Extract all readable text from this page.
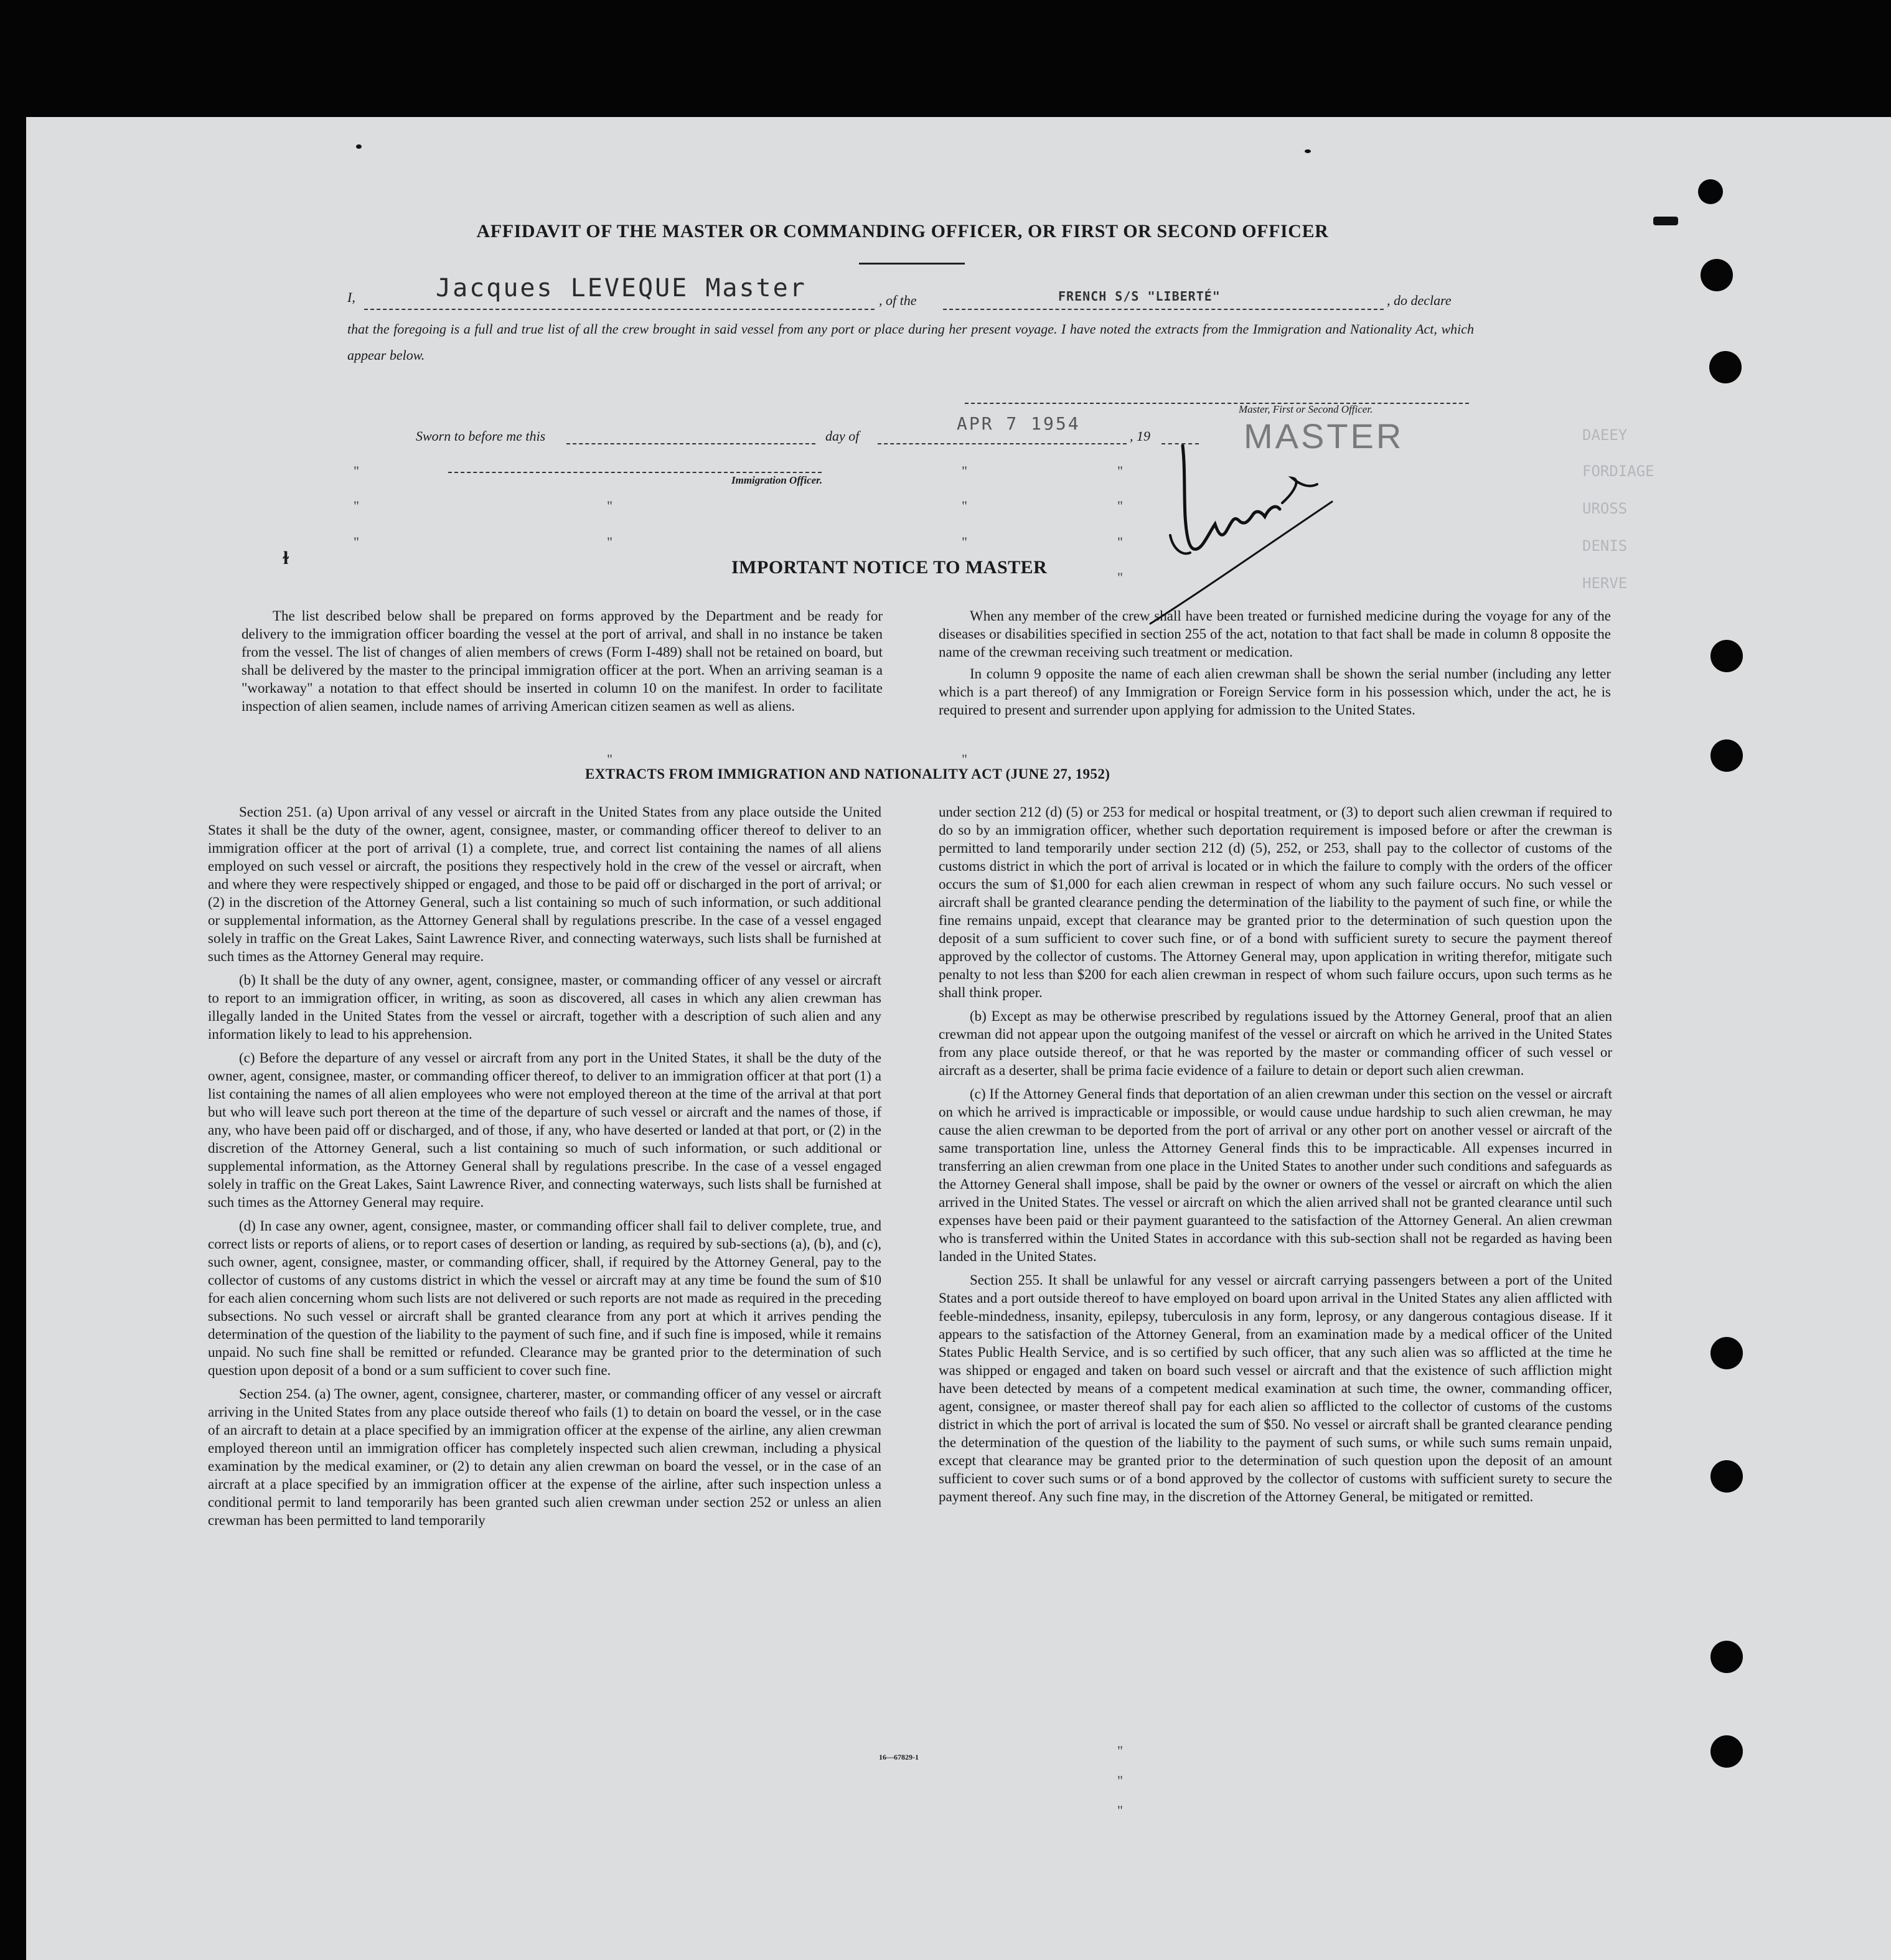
DAEEY
FORDIAGE
UROSS
DENIS
HERVE
AFFIDAVIT OF THE MASTER OR COMMANDING OFFICER, OR FIRST OR SECOND OFFICER
I,	Jacques LEVEQUE Master	, of the	FRENCH S/S "LIBERTÉ"	, do declare
that the foregoing is a full and true list of all the crew brought in said vessel from any port or place during her present voyage. I have noted the extracts from the Immigration and Nationality Act, which appear below.
Master, First or Second Officer.
MASTER
Sworn to before me this	day of
APR 7 1954
, 19
Immigration Officer.
"	"	"
"	"	"	"
"	"	"	"
"
"	"
"
"
"
ɫ	IMPORTANT NOTICE TO MASTER

The list described below shall be prepared on forms approved by the Department and be ready for delivery to the immigration officer boarding the vessel at the port of arrival, and shall in no instance be taken from the vessel. The list of changes of alien members of crews (Form I-489) shall not be retained on board, but shall be delivered by the master to the principal immigration officer at the port. When an arriving seaman is a "workaway" a notation to that effect should be inserted in column 10 on the manifest. In order to facilitate inspection of alien seamen, include names of arriving American citizen seamen as well as aliens.

When any member of the crew shall have been treated or furnished medicine during the voyage for any of the diseases or disabilities specified in section 255 of the act, notation to that fact shall be made in column 8 opposite the name of the crewman receiving such treatment or medication.

In column 9 opposite the name of each alien crewman shall be shown the serial number (including any letter which is a part thereof) of any Immigration or Foreign Service form in his possession which, under the act, he is required to present and surrender upon applying for admission to the United States.

EXTRACTS FROM IMMIGRATION AND NATIONALITY ACT (JUNE 27, 1952)

Section 251. (a) Upon arrival of any vessel or aircraft in the United States from any place outside the United States it shall be the duty of the owner, agent, consignee, master, or commanding officer thereof to deliver to an immigration officer at the port of arrival (1) a complete, true, and correct list containing the names of all aliens employed on such vessel or aircraft, the positions they respectively hold in the crew of the vessel or aircraft, when and where they were respectively shipped or engaged, and those to be paid off or discharged in the port of arrival; or (2) in the discretion of the Attorney General, such a list containing so much of such information, or such additional or supplemental information, as the Attorney General shall by regulations prescribe. In the case of a vessel engaged solely in traffic on the Great Lakes, Saint Lawrence River, and connecting waterways, such lists shall be furnished at such times as the Attorney General may require.

(b) It shall be the duty of any owner, agent, consignee, master, or commanding officer of any vessel or aircraft to report to an immigration officer, in writing, as soon as discovered, all cases in which any alien crewman has illegally landed in the United States from the vessel or aircraft, together with a description of such alien and any information likely to lead to his apprehension.

(c) Before the departure of any vessel or aircraft from any port in the United States, it shall be the duty of the owner, agent, consignee, master, or commanding officer thereof, to deliver to an immigration officer at that port (1) a list containing the names of all alien employees who were not employed thereon at the time of the arrival at that port but who will leave such port thereon at the time of the departure of such vessel or aircraft and the names of those, if any, who have been paid off or discharged, and of those, if any, who have deserted or landed at that port, or (2) in the discretion of the Attorney General, such a list containing so much of such information, or such additional or supplemental information, as the Attorney General shall by regulations prescribe. In the case of a vessel engaged solely in traffic on the Great Lakes, Saint Lawrence River, and connecting waterways, such lists shall be furnished at such times as the Attorney General may require.

(d) In case any owner, agent, consignee, master, or commanding officer shall fail to deliver complete, true, and correct lists or reports of aliens, or to report cases of desertion or landing, as required by sub-sections (a), (b), and (c), such owner, agent, consignee, master, or commanding officer, shall, if required by the Attorney General, pay to the collector of customs of any customs district in which the vessel or aircraft may at any time be found the sum of $10 for each alien concerning whom such lists are not delivered or such reports are not made as required in the preceding subsections. No such vessel or aircraft shall be granted clearance from any port at which it arrives pending the determination of the question of the liability to the payment of such fine, and if such fine is imposed, while it remains unpaid. No such fine shall be remitted or refunded. Clearance may be granted prior to the determination of such question upon deposit of a bond or a sum sufficient to cover such fine.

Section 254. (a) The owner, agent, consignee, charterer, master, or commanding officer of any vessel or aircraft arriving in the United States from any place outside thereof who fails (1) to detain on board the vessel, or in the case of an aircraft to detain at a place specified by an immigration officer at the expense of the airline, any alien crewman employed thereon until an immigration officer has completely inspected such alien crewman, including a physical examination by the medical examiner, or (2) to detain any alien crewman on board the vessel, or in the case of an aircraft at a place specified by an immigration officer at the expense of the airline, after such inspection unless a conditional permit to land temporarily has been granted such alien crewman under section 252 or unless an alien crewman has been permitted to land temporarily

under section 212 (d) (5) or 253 for medical or hospital treatment, or (3) to deport such alien crewman if required to do so by an immigration officer, whether such deportation requirement is imposed before or after the crewman is permitted to land temporarily under section 212 (d) (5), 252, or 253, shall pay to the collector of customs of the customs district in which the port of arrival is located or in which the failure to comply with the orders of the officer occurs the sum of $1,000 for each alien crewman in respect of whom any such failure occurs. No such vessel or aircraft shall be granted clearance pending the determination of the liability to the payment of such fine, or while the fine remains unpaid, except that clearance may be granted prior to the determination of such question upon the deposit of a sum sufficient to cover such fine, or of a bond with sufficient surety to secure the payment thereof approved by the collector of customs. The Attorney General may, upon application in writing therefor, mitigate such penalty to not less than $200 for each alien crewman in respect of whom such failure occurs, upon such terms as he shall think proper.

(b) Except as may be otherwise prescribed by regulations issued by the Attorney General, proof that an alien crewman did not appear upon the outgoing manifest of the vessel or aircraft on which he arrived in the United States from any place outside thereof, or that he was reported by the master or commanding officer of such vessel or aircraft as a deserter, shall be prima facie evidence of a failure to detain or deport such alien crewman.

(c) If the Attorney General finds that deportation of an alien crewman under this section on the vessel or aircraft on which he arrived is impracticable or impossible, or would cause undue hardship to such alien crewman, he may cause the alien crewman to be deported from the port of arrival or any other port on another vessel or aircraft of the same transportation line, unless the Attorney General finds this to be impracticable. All expenses incurred in transferring an alien crewman from one place in the United States to another under such conditions and safeguards as the Attorney General shall impose, shall be paid by the owner or owners of the vessel or aircraft on which the alien arrived in the United States. The vessel or aircraft on which the alien arrived shall not be granted clearance until such expenses have been paid or their payment guaranteed to the satisfaction of the Attorney General. An alien crewman who is transferred within the United States in accordance with this sub-section shall not be regarded as having been landed in the United States.

Section 255. It shall be unlawful for any vessel or aircraft carrying passengers between a port of the United States and a port outside thereof to have employed on board upon arrival in the United States any alien afflicted with feeble-mindedness, insanity, epilepsy, tuberculosis in any form, leprosy, or any dangerous contagious disease. If it appears to the satisfaction of the Attorney General, from an examination made by a medical officer of the United States Public Health Service, and is so certified by such officer, that any such alien was so afflicted at the time he was shipped or engaged and taken on board such vessel or aircraft and that the existence of such affliction might have been detected by means of a competent medical examination at such time, the owner, commanding officer, agent, consignee, or master thereof shall pay for each alien so afflicted to the collector of customs of the customs district in which the port of arrival is located the sum of $50. No vessel or aircraft shall be granted clearance pending the determination of the question of the liability to the payment of such sums, or while such sums remain unpaid, except that clearance may be granted prior to the determination of such question upon the deposit of an amount sufficient to cover such sums or of a bond approved by the collector of customs with sufficient surety to secure the payment thereof. Any such fine may, in the discretion of the Attorney General, be mitigated or remitted.

16—67829-1
